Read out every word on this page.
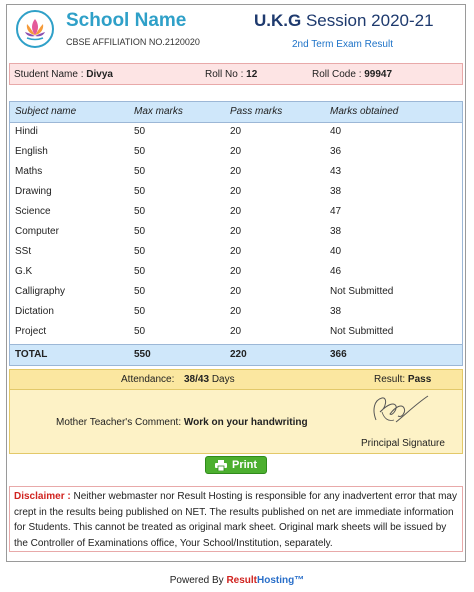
School Name
CBSE AFFILIATION NO.2120020
U.K.G Session 2020-21
2nd Term Exam Result
Student Name : Divya	Roll No : 12	Roll Code : 99947
Subject name	Max marks	Pass marks	Marks obtained
Hindi	50	20	40
English	50	20	36
Maths	50	20	43
Drawing	50	20	38
Science	50	20	47
Computer	50	20	38
SSt	50	20	40
G.K	50	20	46
Calligraphy	50	20	Not Submitted
Dictation	50	20	38
Project	50	20	Not Submitted
TOTAL	550	220	366
Attendance: 38/43 Days	Result: Pass
Mother Teacher's Comment: Work on your handwriting
Principal Signature
Print
Disclaimer : Neither webmaster nor Result Hosting is responsible for any inadvertent error that may crept in the results being published on NET. The results published on net are immediate information for Students. This cannot be treated as original mark sheet. Original mark sheets will be issued by the Controller of Examinations office, Your School/Institution, separately.
Powered By ResultHosting™
